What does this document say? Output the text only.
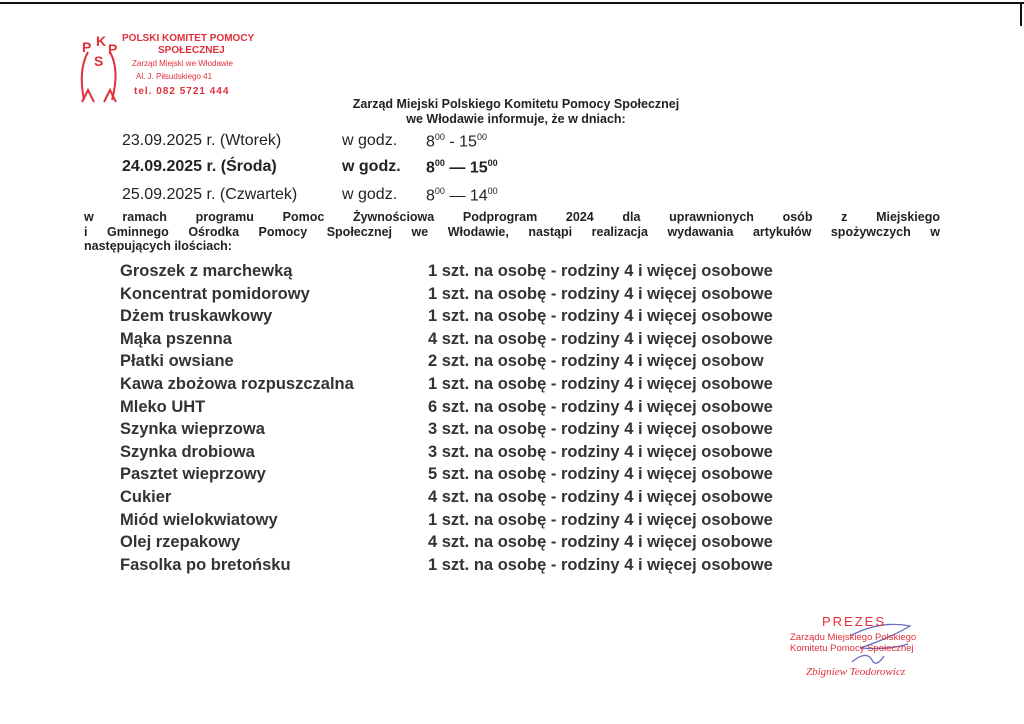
P K P
S
POLSKI KOMITET POMOCY
SPOŁECZNEJ
Zarząd Miejski we Włodawie
Al. J. Piłsudskiego 41
tel. 082 5721 444
Zarząd Miejski Polskiego Komitetu Pomocy Społecznej
we Włodawie informuje, że w dniach:
23.09.2025 r. (Wtorek)	w godz. $8^{00} - 15^{00}$
24.09.2025 r. (Środa)	w godz. $8^{00}$ — $15^{00}$
25.09.2025 r. (Czwartek)	w godz. $8^{00}$ — $14^{00}$
w ramach programu Pomoc Żywnościowa Podprogram 2024 dla uprawnionych osób z Miejskiego
i Gminnego Ośrodka Pomocy Społecznej we Włodawie, nastąpi realizacja wydawania artykułów spożywczych w
następujących ilościach:
Groszek z marchewką	1 szt. na osobę - rodziny 4 i więcej osobowe
Koncentrat pomidorowy	1 szt. na osobę - rodziny 4 i więcej osobowe
Dżem truskawkowy	1 szt. na osobę - rodziny 4 i więcej osobowe
Mąka pszenna	4 szt. na osobę - rodziny 4 i więcej osobowe
Płatki owsiane	2 szt. na osobę - rodziny 4 i więcej osobow
Kawa zbożowa rozpuszczalna	1 szt. na osobę - rodziny 4 i więcej osobowe
Mleko UHT	6 szt. na osobę - rodziny 4 i więcej osobowe
Szynka wieprzowa	3 szt. na osobę - rodziny 4 i więcej osobowe
Szynka drobiowa	3 szt. na osobę - rodziny 4 i więcej osobowe
Pasztet wieprzowy	5 szt. na osobę - rodziny 4 i więcej osobowe
Cukier	4 szt. na osobę - rodziny 4 i więcej osobowe
Miód wielokwiatowy	1 szt. na osobę - rodziny 4 i więcej osobowe
Olej rzepakowy	4 szt. na osobę - rodziny 4 i więcej osobowe
Fasolka po bretońsku	1 szt. na osobę - rodziny 4 i więcej osobowe
PREZES
Zarządu Miejskiego Polskiego
Komitetu Pomocy Społecznej
Zbigniew Teodorowicz
